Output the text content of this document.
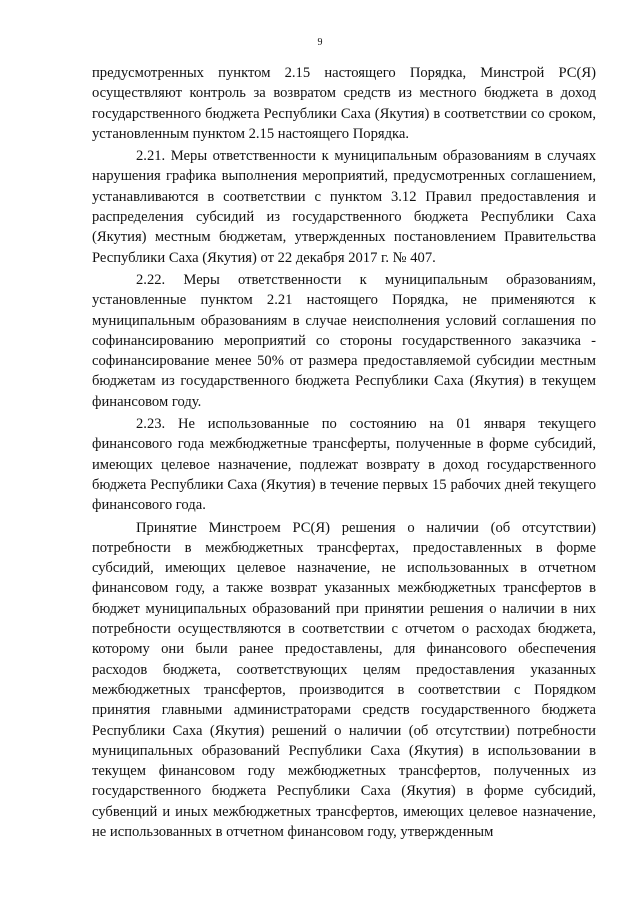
9

предусмотренных пунктом 2.15 настоящего Порядка, Минстрой РС(Я) осуществляют контроль за возвратом средств из местного бюджета в доход государственного бюджета Республики Саха (Якутия) в соответствии со сроком, установленным пунктом 2.15 настоящего Порядка.

2.21. Меры ответственности к муниципальным образованиям в случаях нарушения графика выполнения мероприятий, предусмотренных соглашением, устанавливаются в соответствии с пунктом 3.12 Правил предоставления и распределения субсидий из государственного бюджета Республики Саха (Якутия) местным бюджетам, утвержденных постановлением Правительства Республики Саха (Якутия) от 22 декабря 2017 г. № 407.

2.22. Меры ответственности к муниципальным образованиям, установленные пунктом 2.21 настоящего Порядка, не применяются к муниципальным образованиям в случае неисполнения условий соглашения по софинансированию мероприятий со стороны государственного заказчика - софинансирование менее 50% от размера предоставляемой субсидии местным бюджетам из государственного бюджета Республики Саха (Якутия) в текущем финансовом году.

2.23. Не использованные по состоянию на 01 января текущего финансового года межбюджетные трансферты, полученные в форме субсидий, имеющих целевое назначение, подлежат возврату в доход государственного бюджета Республики Саха (Якутия) в течение первых 15 рабочих дней текущего финансового года.

Принятие Минстроем РС(Я) решения о наличии (об отсутствии) потребности в межбюджетных трансфертах, предоставленных в форме субсидий, имеющих целевое назначение, не использованных в отчетном финансовом году, а также возврат указанных межбюджетных трансфертов в бюджет муниципальных образований при принятии решения о наличии в них потребности осуществляются в соответствии с отчетом о расходах бюджета, которому они были ранее предоставлены, для финансового обеспечения расходов бюджета, соответствующих целям предоставления указанных межбюджетных трансфертов, производится в соответствии с Порядком принятия главными администраторами средств государственного бюджета Республики Саха (Якутия) решений о наличии (об отсутствии) потребности муниципальных образований Республики Саха (Якутия) в использовании в текущем финансовом году межбюджетных трансфертов, полученных из государственного бюджета Республики Саха (Якутия) в форме субсидий, субвенций и иных межбюджетных трансфертов, имеющих целевое назначение, не использованных в отчетном финансовом году, утвержденным
